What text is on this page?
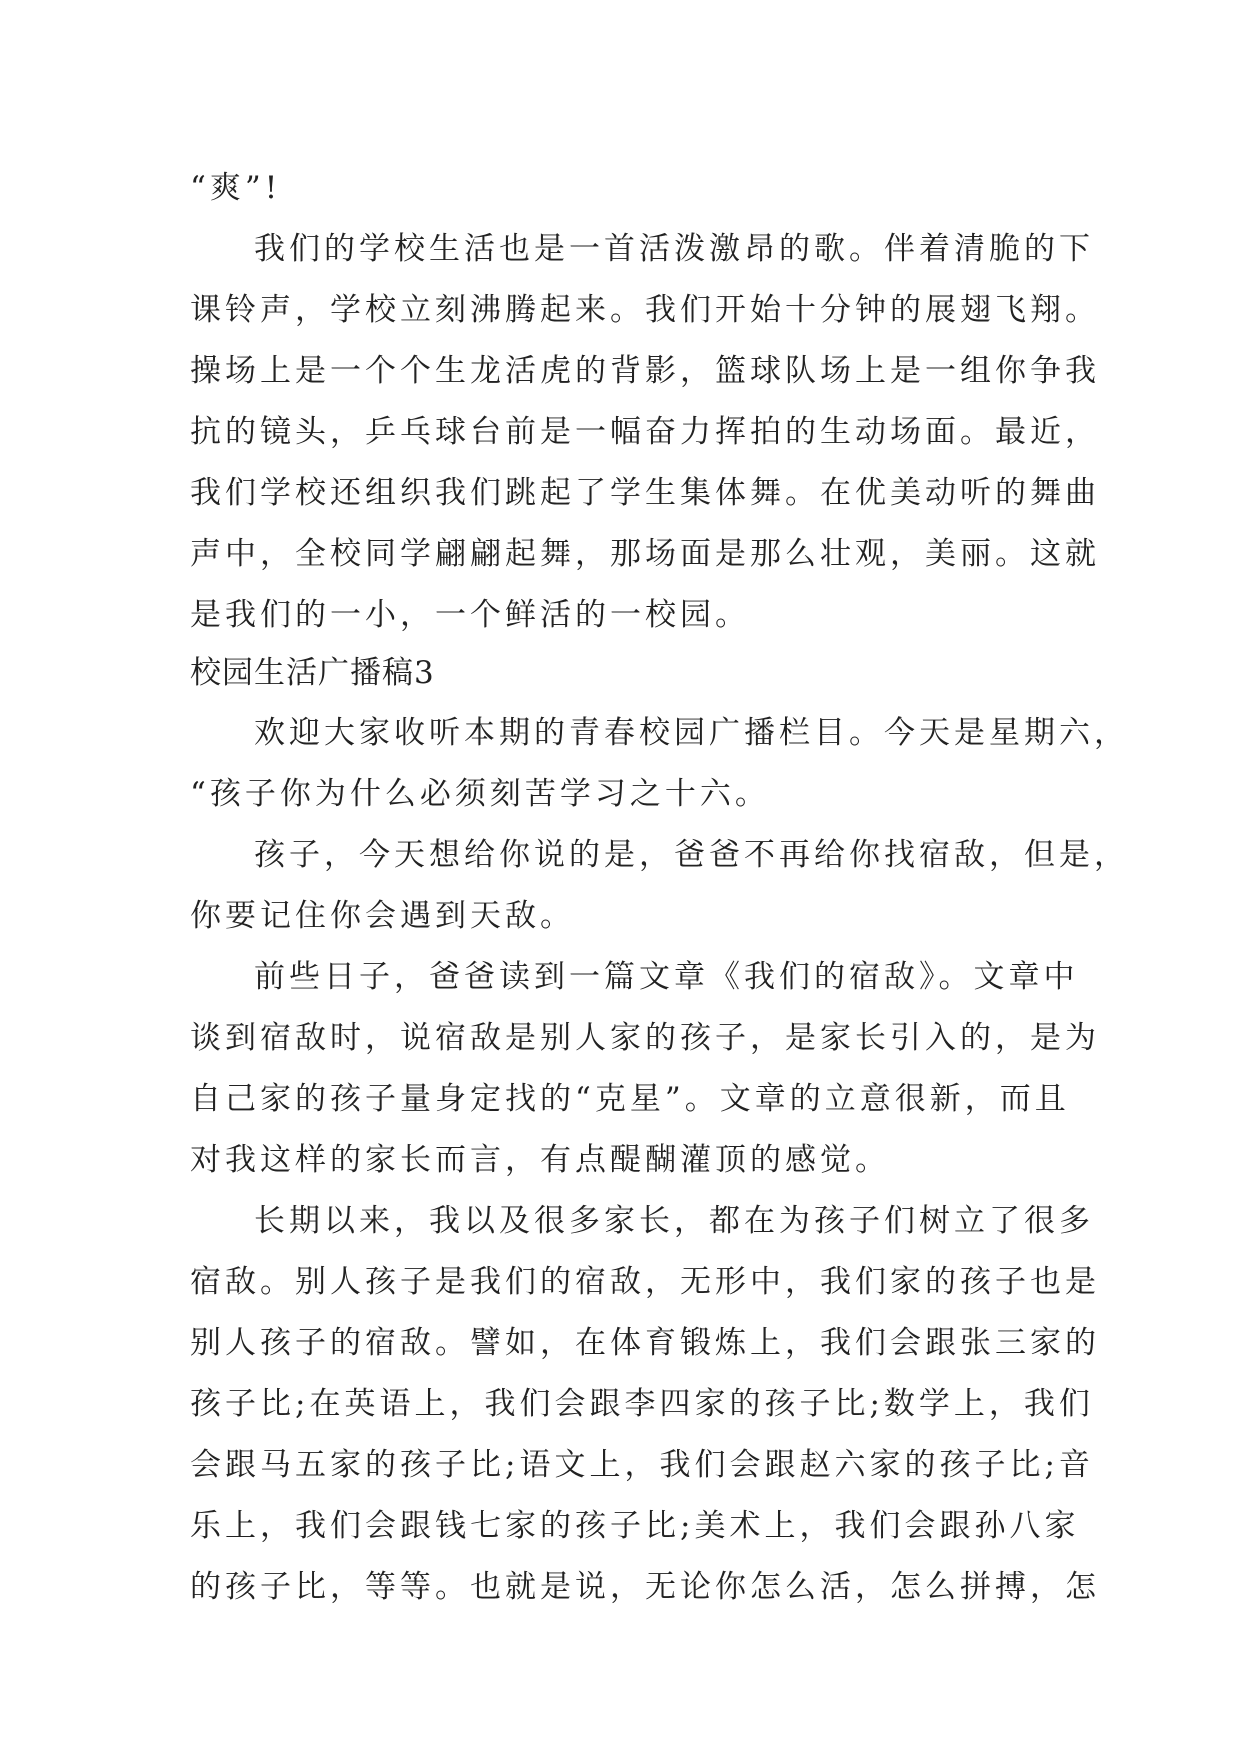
“爽”!
我们的学校生活也是一首活泼激昂的歌。伴着清脆的下
课铃声，学校立刻沸腾起来。我们开始十分钟的展翅飞翔。
操场上是一个个生龙活虎的背影，篮球队场上是一组你争我
抗的镜头，乒乓球台前是一幅奋力挥拍的生动场面。最近，
我们学校还组织我们跳起了学生集体舞。在优美动听的舞曲
声中，全校同学翩翩起舞，那场面是那么壮观，美丽。这就
是我们的一小，一个鲜活的一校园。
校园生活广播稿3
欢迎大家收听本期的青春校园广播栏目。今天是星期六，
“孩子你为什么必须刻苦学习之十六。
孩子，今天想给你说的是，爸爸不再给你找宿敌，但是，
你要记住你会遇到天敌。
前些日子，爸爸读到一篇文章《我们的宿敌》。文章中
谈到宿敌时，说宿敌是别人家的孩子，是家长引入的，是为
自己家的孩子量身定找的“克星”。文章的立意很新，而且
对我这样的家长而言，有点醍醐灌顶的感觉。
长期以来，我以及很多家长，都在为孩子们树立了很多
宿敌。别人孩子是我们的宿敌，无形中，我们家的孩子也是
别人孩子的宿敌。譬如，在体育锻炼上，我们会跟张三家的
孩子比;在英语上，我们会跟李四家的孩子比;数学上，我们
会跟马五家的孩子比;语文上，我们会跟赵六家的孩子比;音
乐上，我们会跟钱七家的孩子比;美术上，我们会跟孙八家
的孩子比，等等。也就是说，无论你怎么活，怎么拼搏，怎
